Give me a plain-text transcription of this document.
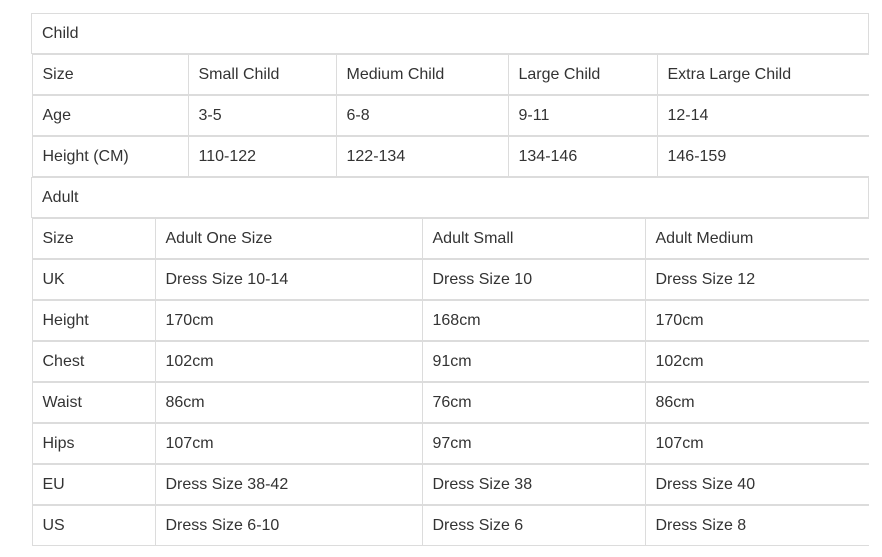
Child

Size	Small Child	Medium Child	Large Child	Extra Large Child

Age	3-5	6-8	9-11	12-14

Height (CM)	110-122	122-134	134-146	146-159

Adult

Size	Adult One Size	Adult Small	Adult Medium

UK	Dress Size 10-14	Dress Size 10	Dress Size 12

Height	170cm	168cm	170cm

Chest	102cm	91cm	102cm

Waist	86cm	76cm	86cm

Hips	107cm	97cm	107cm

EU	Dress Size 38-42	Dress Size 38	Dress Size 40

US	Dress Size 6-10	Dress Size 6	Dress Size 8
